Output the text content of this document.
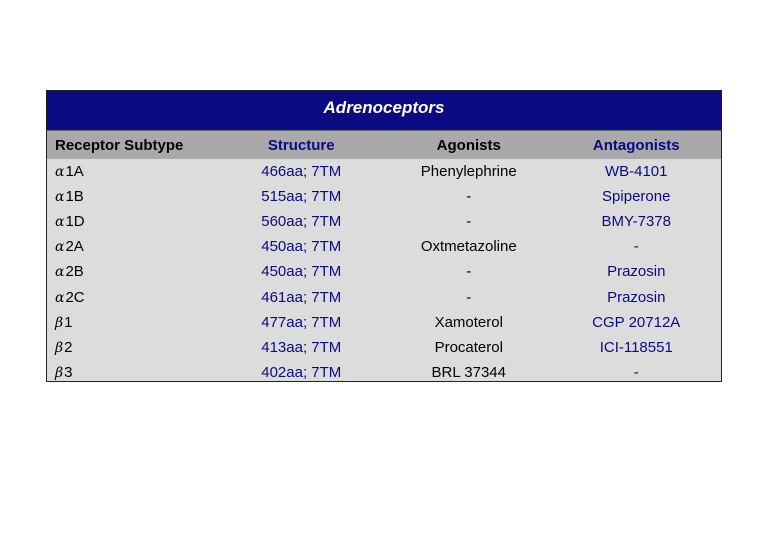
Adrenoceptors
Receptor Subtype	Structure	Agonists	Antagonists
α1A	466aa; 7TM	Phenylephrine	WB-4101
α1B	515aa; 7TM	-	Spiperone
α1D	560aa; 7TM	-	BMY-7378
α2A	450aa; 7TM	Oxtmetazoline	-
α2B	450aa; 7TM	-	Prazosin
α2C	461aa; 7TM	-	Prazosin
β1	477aa; 7TM	Xamoterol	CGP 20712A
β2	413aa; 7TM	Procaterol	ICI-118551
β3	402aa; 7TM	BRL 37344	-
